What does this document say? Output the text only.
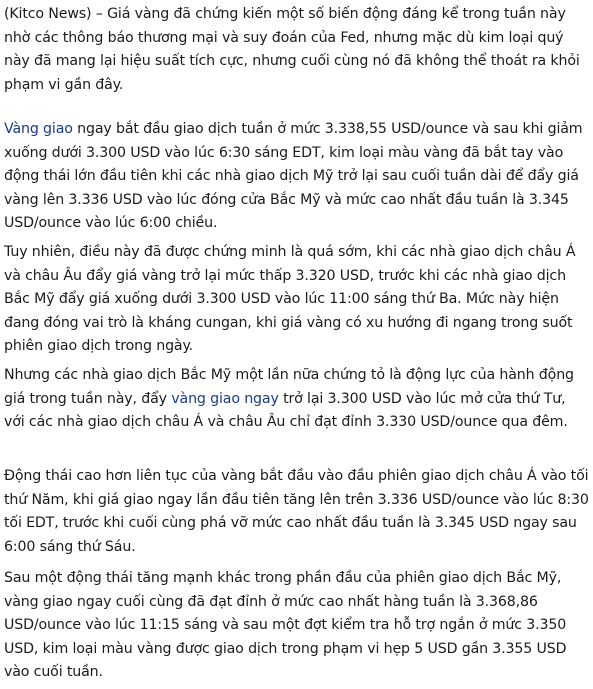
(Kitco News) – Giá vàng đã chứng kiến một số biến động đáng kể trong tuần này nhờ các thông báo thương mại và suy đoán của Fed, nhưng mặc dù kim loại quý này đã mang lại hiệu suất tích cực, nhưng cuối cùng nó đã không thể thoát ra khỏi phạm vi gần đây.

Vàng giao ngay bắt đầu giao dịch tuần ở mức 3.338,55 USD/ounce và sau khi giảm xuống dưới 3.300 USD vào lúc 6:30 sáng EDT, kim loại màu vàng đã bắt tay vào động thái lớn đầu tiên khi các nhà giao dịch Mỹ trở lại sau cuối tuần dài để đẩy giá vàng lên 3.336 USD vào lúc đóng cửa Bắc Mỹ và mức cao nhất đầu tuần là 3.345 USD/ounce vào lúc 6:00 chiều.

Tuy nhiên, điều này đã được chứng minh là quá sớm, khi các nhà giao dịch châu Á và châu Âu đẩy giá vàng trở lại mức thấp 3.320 USD, trước khi các nhà giao dịch Bắc Mỹ đẩy giá xuống dưới 3.300 USD vào lúc 11:00 sáng thứ Ba. Mức này hiện đang đóng vai trò là kháng cungan, khi giá vàng có xu hướng đi ngang trong suốt phiên giao dịch trong ngày.

Nhưng các nhà giao dịch Bắc Mỹ một lần nữa chứng tỏ là động lực của hành động giá trong tuần này, đẩy vàng giao ngay trở lại 3.300 USD vào lúc mở cửa thứ Tư, với các nhà giao dịch châu Á và châu Âu chỉ đạt đỉnh 3.330 USD/ounce qua đêm.

Động thái cao hơn liên tục của vàng bắt đầu vào đầu phiên giao dịch châu Á vào tối thứ Năm, khi giá giao ngay lần đầu tiên tăng lên trên 3.336 USD/ounce vào lúc 8:30 tối EDT, trước khi cuối cùng phá vỡ mức cao nhất đầu tuần là 3.345 USD ngay sau 6:00 sáng thứ Sáu.

Sau một động thái tăng mạnh khác trong phần đầu của phiên giao dịch Bắc Mỹ, vàng giao ngay cuối cùng đã đạt đỉnh ở mức cao nhất hàng tuần là 3.368,86 USD/ounce vào lúc 11:15 sáng và sau một đợt kiểm tra hỗ trợ ngắn ở mức 3.350 USD, kim loại màu vàng được giao dịch trong phạm vi hẹp 5 USD gần 3.355 USD vào cuối tuần.
